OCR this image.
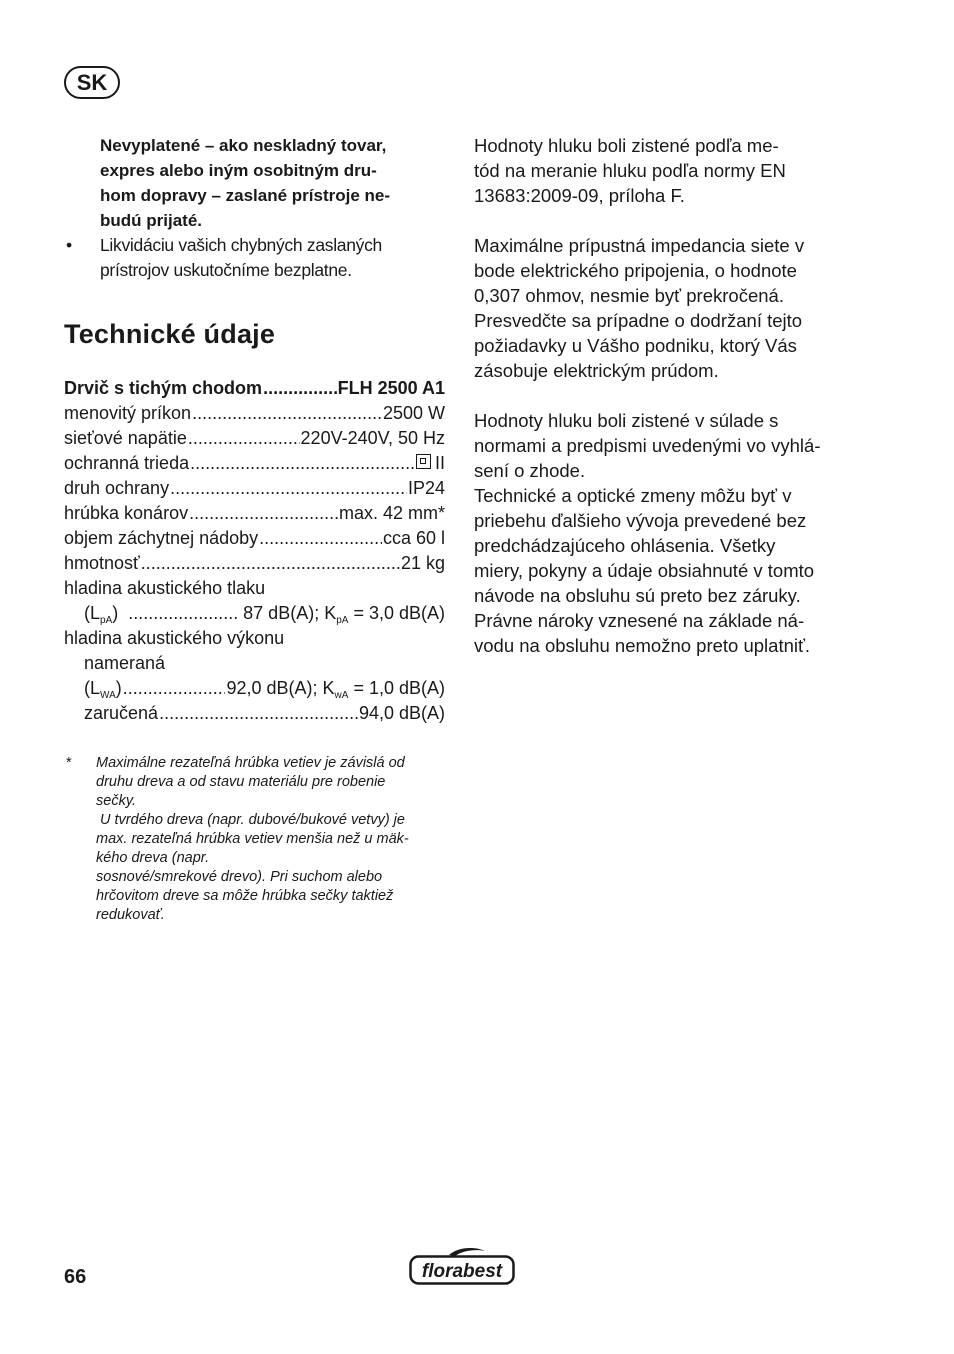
SK
Nevyplatené – ako neskladný tovar,
expres alebo iným osobitným dru-
hom dopravy – zaslané prístroje ne-
budú prijaté.
• Likvidáciu vašich chybných zaslaných
prístrojov uskutočníme bezplatne.
Technické údaje
Drvič s tichým chodom .....	FLH 2500 A1
menovitý príkon .....	2500 W
sieťové napätie .....	220V-240V, 50 Hz
ochranná trieda .....	II
druh ochrany .....	IP24
hrúbka konárov .....	max. 42 mm*
objem záchytnej nádoby .....	cca 60 l
hmotnosť .....	21 kg
hladina akustického tlaku
$(L_{pA})$ .....	87 dB(A); $K_{pA} = 3,0$ dB(A)
hladina akustického výkonu
nameraná
$(L_{WA})$ .....	92,0 dB(A); $K_{wA} = 1,0$ dB(A)
zaručená .....	94,0 dB(A)
* Maximálne rezateľná hrúbka vetiev je závislá od

druhu dreva a od stavu materiálu pre robenie

sečky.

U tvrdého dreva (napr. dubové/bukové vetvy) je

max. rezateľná hrúbka vetiev menšia než u mäk-

kého dreva (napr.

sosnové/smrekové drevo). Pri suchom alebo

hrčovitom dreve sa môže hrúbka sečky taktiež

redukovať.

Hodnoty hluku boli zistené podľa me-

tód na meranie hluku podľa normy EN

13683:2009-09, príloha F.

Maximálne prípustná impedancia siete v

bode elektrického pripojenia, o hodnote

0,307 ohmov, nesmie byť prekročená.

Presvedčte sa prípadne o dodržaní tejto

požiadavky u Vášho podniku, ktorý Vás

zásobuje elektrickým prúdom.

Hodnoty hluku boli zistené v súlade s

normami a predpismi uvedenými vo vyhlá-

sení o zhode.

Technické a optické zmeny môžu byť v

priebehu ďalšieho vývoja prevedené bez

predchádzajúceho ohlásenia. Všetky

miery, pokyny a údaje obsiahnuté v tomto

návode na obsluhu sú preto bez záruky.

Právne nároky vznesené na základe ná-

vodu na obsluhu nemožno preto uplatniť.

66	florabest
